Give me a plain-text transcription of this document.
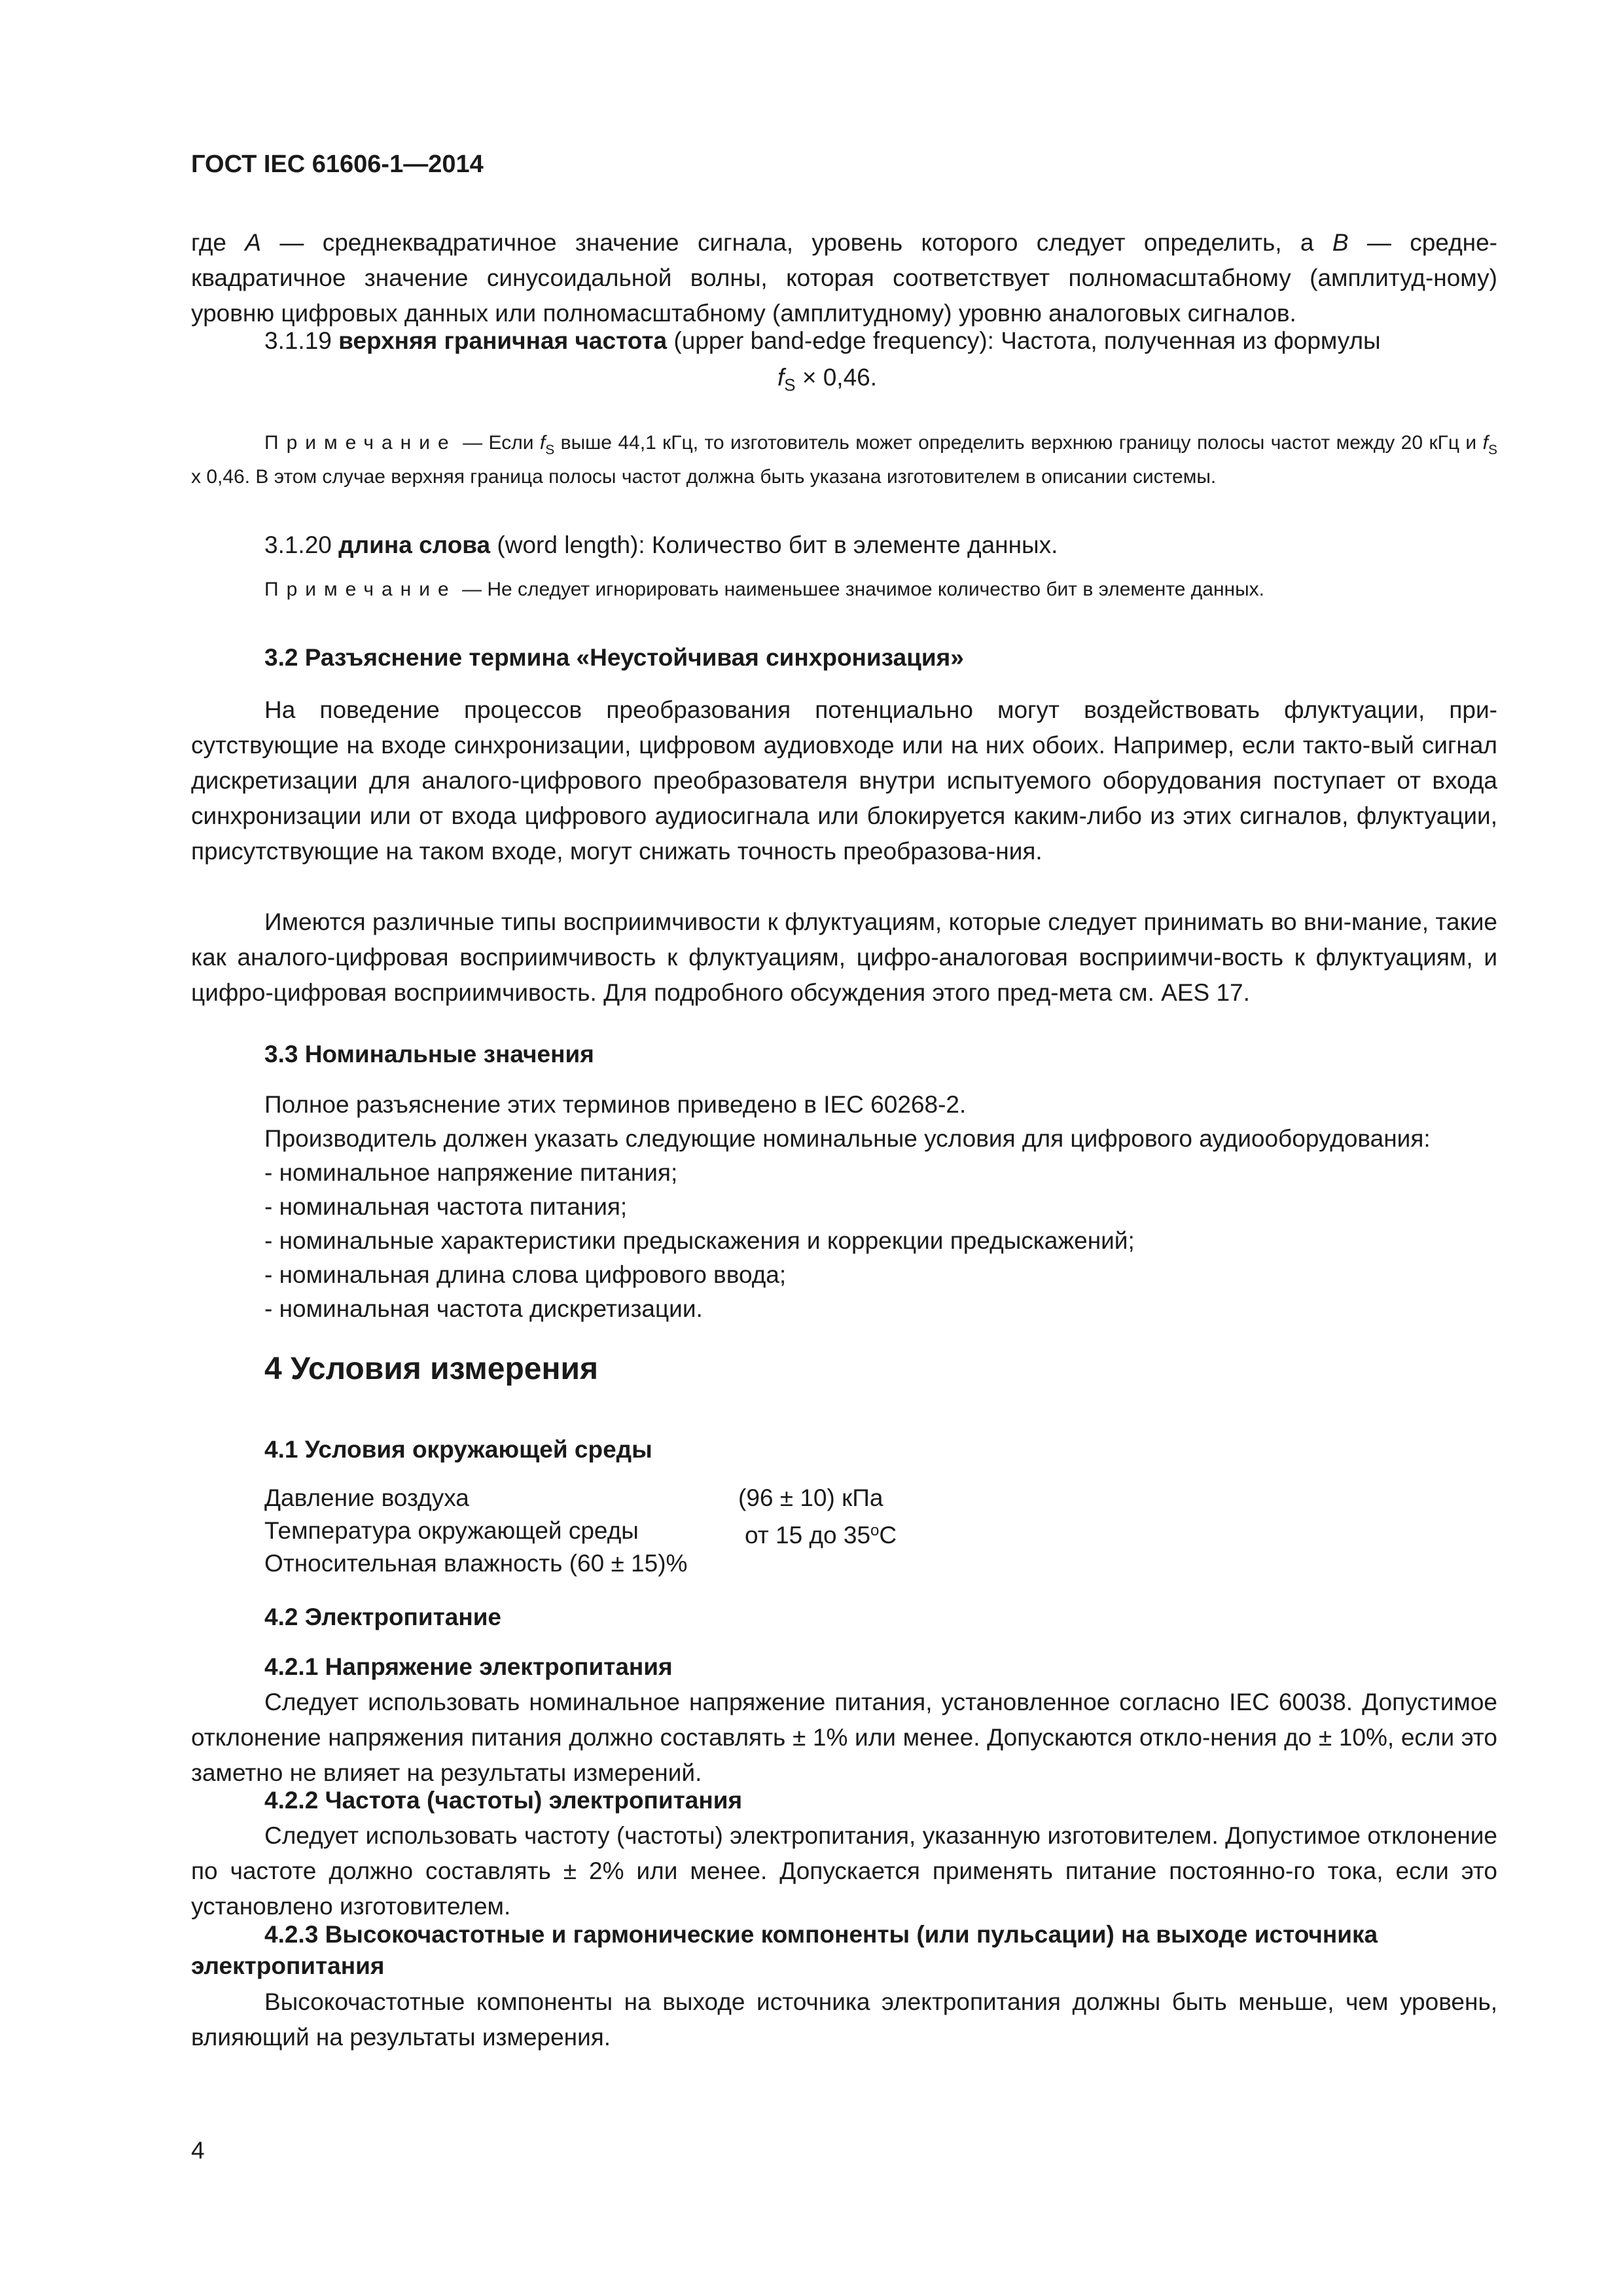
ГОСТ IEC 61606-1—2014
где A — среднеквадратичное значение сигнала, уровень которого следует определить, а B — средне-квадратичное значение синусоидальной волны, которая соответствует полномасштабному (амплитуд-ному) уровню цифровых данных или полномасштабному (амплитудному) уровню аналоговых сигналов.
3.1.19 верхняя граничная частота (upper band-edge frequency): Частота, полученная из формулы
$f_S \times 0,46$.
Примечание — Если $f_S$ выше 44,1 кГц, то изготовитель может определить верхнюю границу полосы частот между 20 кГц и $f_S$ х 0,46. В этом случае верхняя граница полосы частот должна быть указана изготовителем в описании системы.
3.1.20 длина слова (word length): Количество бит в элементе данных.
Примечание — Не следует игнорировать наименьшее значимое количество бит в элементе данных.
3.2 Разъяснение термина «Неустойчивая синхронизация»
На поведение процессов преобразования потенциально могут воздействовать флуктуации, при-сутствующие на входе синхронизации, цифровом аудиовходе или на них обоих. Например, если такто-вый сигнал дискретизации для аналого-цифрового преобразователя внутри испытуемого оборудования поступает от входа синхронизации или от входа цифрового аудиосигнала или блокируется каким-либо из этих сигналов, флуктуации, присутствующие на таком входе, могут снижать точность преобразова-ния.
Имеются различные типы восприимчивости к флуктуациям, которые следует принимать во вни-мание, такие как аналого-цифровая восприимчивость к флуктуациям, цифро-аналоговая восприимчи-вость к флуктуациям, и цифро-цифровая восприимчивость. Для подробного обсуждения этого пред-мета см. AES 17.
3.3 Номинальные значения
Полное разъяснение этих терминов приведено в IEC 60268-2.
Производитель должен указать следующие номинальные условия для цифрового аудиооборудования:
- номинальное напряжение питания;
- номинальная частота питания;
- номинальные характеристики предыскажения и коррекции предыскажений;
- номинальная длина слова цифрового ввода;
- номинальная частота дискретизации.
4 Условия измерения
4.1 Условия окружающей среды
Давление воздуха	(96 ± 10) кПа
Температура окружающей среды	от 15 до 35$^o$C
Относительная влажность (60 ± 15)%
4.2 Электропитание
4.2.1 Напряжение электропитания
Следует использовать номинальное напряжение питания, установленное согласно IEC 60038. Допустимое отклонение напряжения питания должно составлять ± 1% или менее. Допускаются откло-нения до ± 10%, если это заметно не влияет на результаты измерений.
4.2.2 Частота (частоты) электропитания
Следует использовать частоту (частоты) электропитания, указанную изготовителем. Допустимое отклонение по частоте должно составлять ± 2% или менее. Допускается применять питание постоянно-го тока, если это установлено изготовителем.
4.2.3 Высокочастотные и гармонические компоненты (или пульсации) на выходе источника электропитания
Высокочастотные компоненты на выходе источника электропитания должны быть меньше, чем уровень, влияющий на результаты измерения.
4
